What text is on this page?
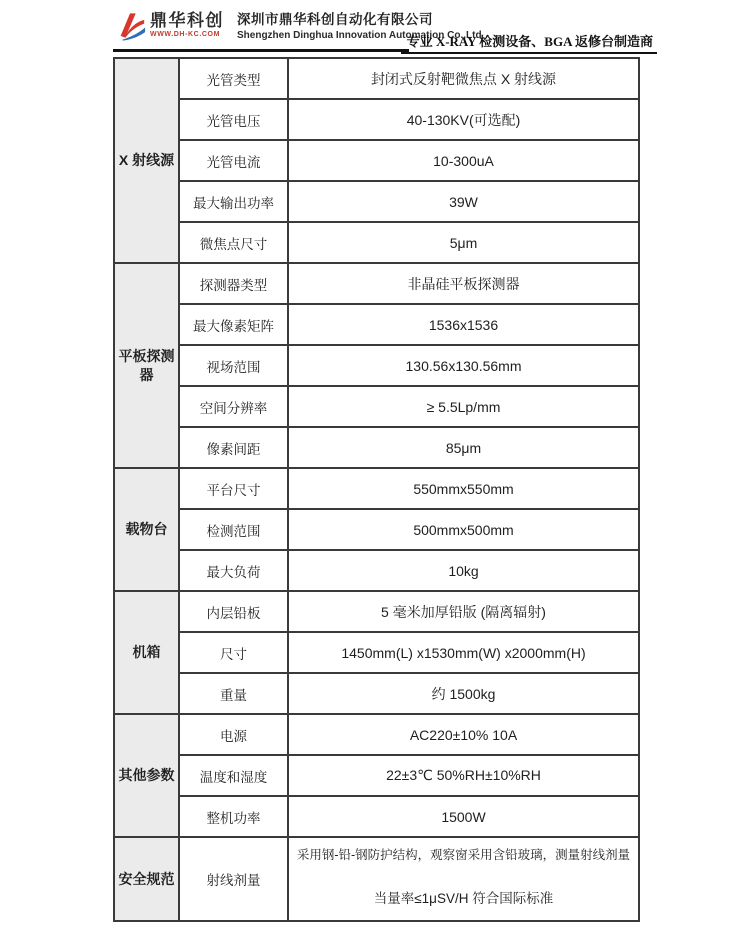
鼎华科创
WWW.DH-KC.COM
深圳市鼎华科创自动化有限公司
Shengzhen Dinghua Innovation Automation Co.,Ltd
专业 X-RAY 检测设备、BGA 返修台制造商
X 射线源	光管类型	封闭式反射靶微焦点 X 射线源
	光管电压	40-130KV(可选配)
	光管电流	10-300uA
	最大输出功率	39W
	微焦点尺寸	5μm
平板探测器	探测器类型	非晶硅平板探测器
	最大像素矩阵	1536x1536
	视场范围	130.56x130.56mm
	空间分辨率	≥ 5.5Lp/mm
	像素间距	85μm
载物台	平台尺寸	550mmx550mm
	检测范围	500mmx500mm
	最大负荷	10kg
机箱	内层铅板	5 毫米加厚铅版 (隔离辐射)
	尺寸	1450mm(L) x1530mm(W) x2000mm(H)
	重量	约 1500kg
其他参数	电源	AC220±10% 10A
	温度和湿度	22±3℃ 50%RH±10%RH
	整机功率	1500W
安全规范	射线剂量	采用钢-铅-钢防护结构，观察窗采用含铅玻璃，测量射线剂量
当量率≤1μSV/H 符合国际标准
